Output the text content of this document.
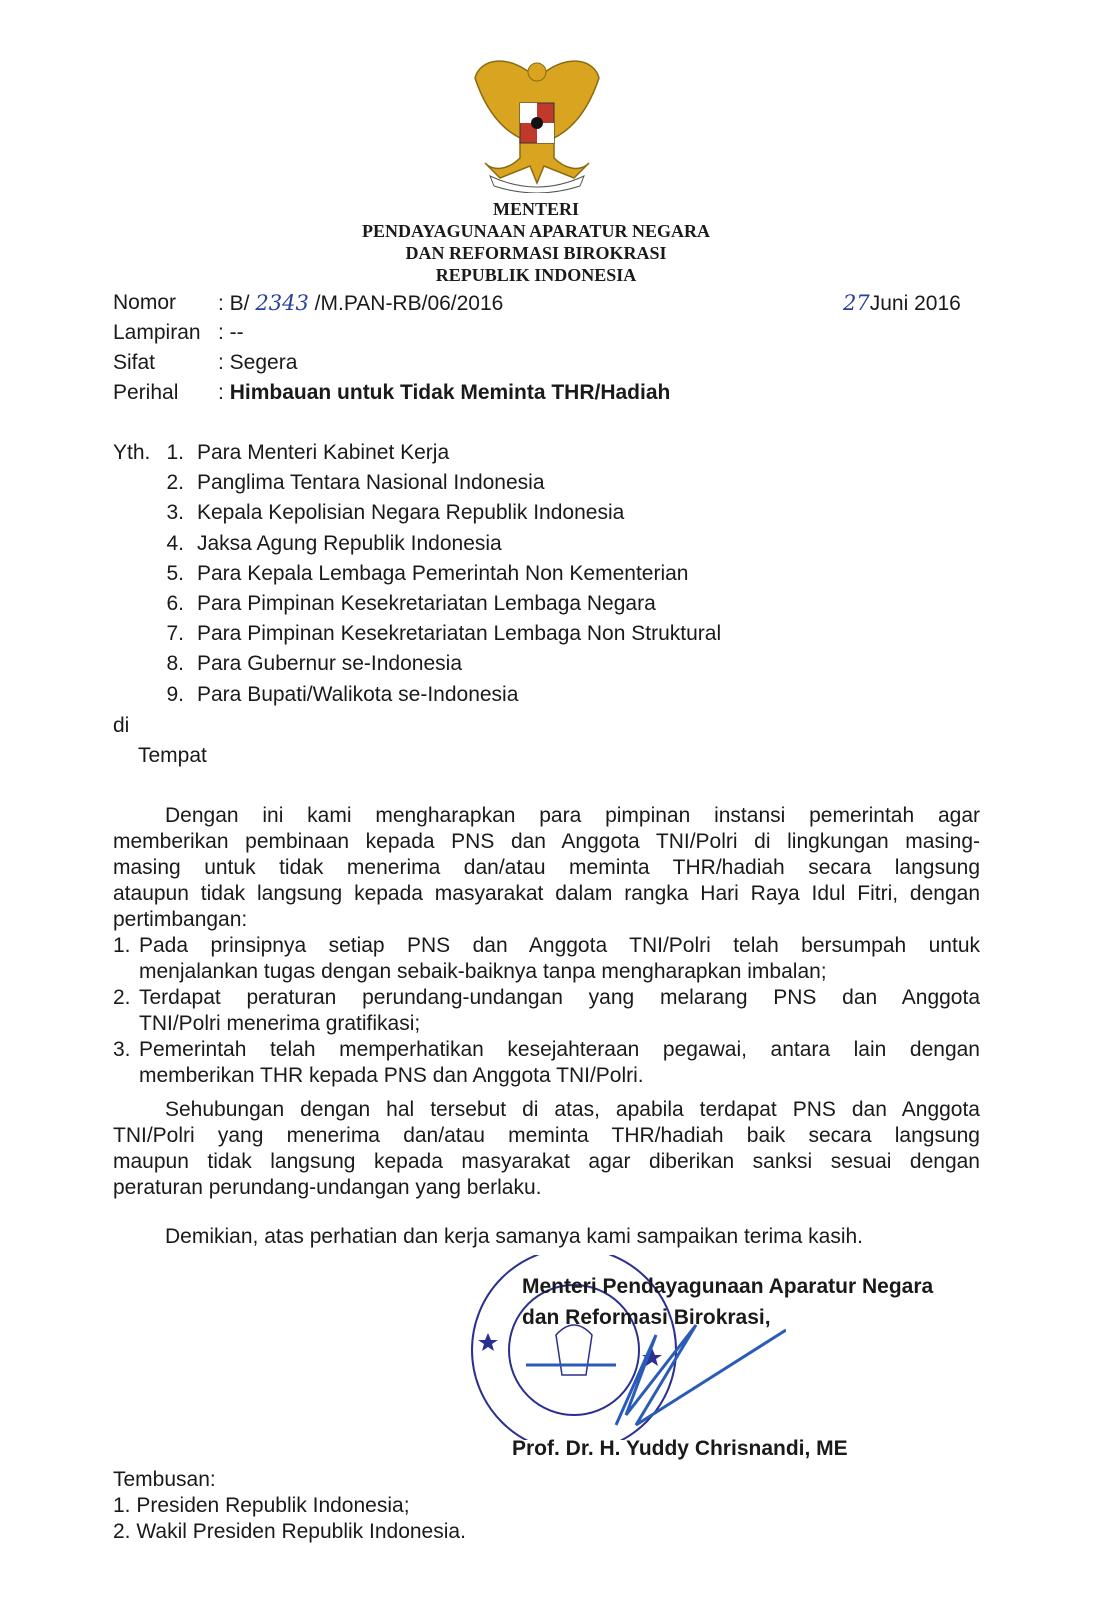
MENTERI
PENDAYAGUNAAN APARATUR NEGARA
DAN REFORMASI BIROKRASI
REPUBLIK INDONESIA
Nomor : B/ 2343 /M.PAN-RB/06/2016	27Juni 2016
Lampiran : --
Sifat	: Segera
Perihal : Himbauan untuk Tidak Meminta THR/Hadiah
Yth. 1. Para Menteri Kabinet Kerja
2. Panglima Tentara Nasional Indonesia
3. Kepala Kepolisian Negara Republik Indonesia
4. Jaksa Agung Republik Indonesia
5. Para Kepala Lembaga Pemerintah Non Kementerian
6. Para Pimpinan Kesekretariatan Lembaga Negara
7. Para Pimpinan Kesekretariatan Lembaga Non Struktural
8. Para Gubernur se-Indonesia
9. Para Bupati/Walikota se-Indonesia
di
Tempat
Dengan ini kami mengharapkan para pimpinan instansi pemerintah agar
memberikan pembinaan kepada PNS dan Anggota TNI/Polri di lingkungan masing-
masing untuk tidak menerima dan/atau meminta THR/hadiah secara langsung
ataupun tidak langsung kepada masyarakat dalam rangka Hari Raya Idul Fitri, dengan
pertimbangan:
1. Pada prinsipnya setiap PNS dan Anggota TNI/Polri telah bersumpah untuk
menjalankan tugas dengan sebaik-baiknya tanpa mengharapkan imbalan;
2. Terdapat peraturan perundang-undangan yang melarang PNS dan Anggota
TNI/Polri menerima gratifikasi;
3. Pemerintah telah memperhatikan kesejahteraan pegawai, antara lain dengan
memberikan THR kepada PNS dan Anggota TNI/Polri.
Sehubungan dengan hal tersebut di atas, apabila terdapat PNS dan Anggota
TNI/Polri yang menerima dan/atau meminta THR/hadiah baik secara langsung
maupun tidak langsung kepada masyarakat agar diberikan sanksi sesuai dengan
peraturan perundang-undangan yang berlaku.
Demikian, atas perhatian dan kerja samanya kami sampaikan terima kasih.
Menteri Pendayagunaan Aparatur Negara
dan Reformasi Birokrasi,
Prof. Dr. H. Yuddy Chrisnandi, ME
Tembusan:
1. Presiden Republik Indonesia;
2. Wakil Presiden Republik Indonesia.
